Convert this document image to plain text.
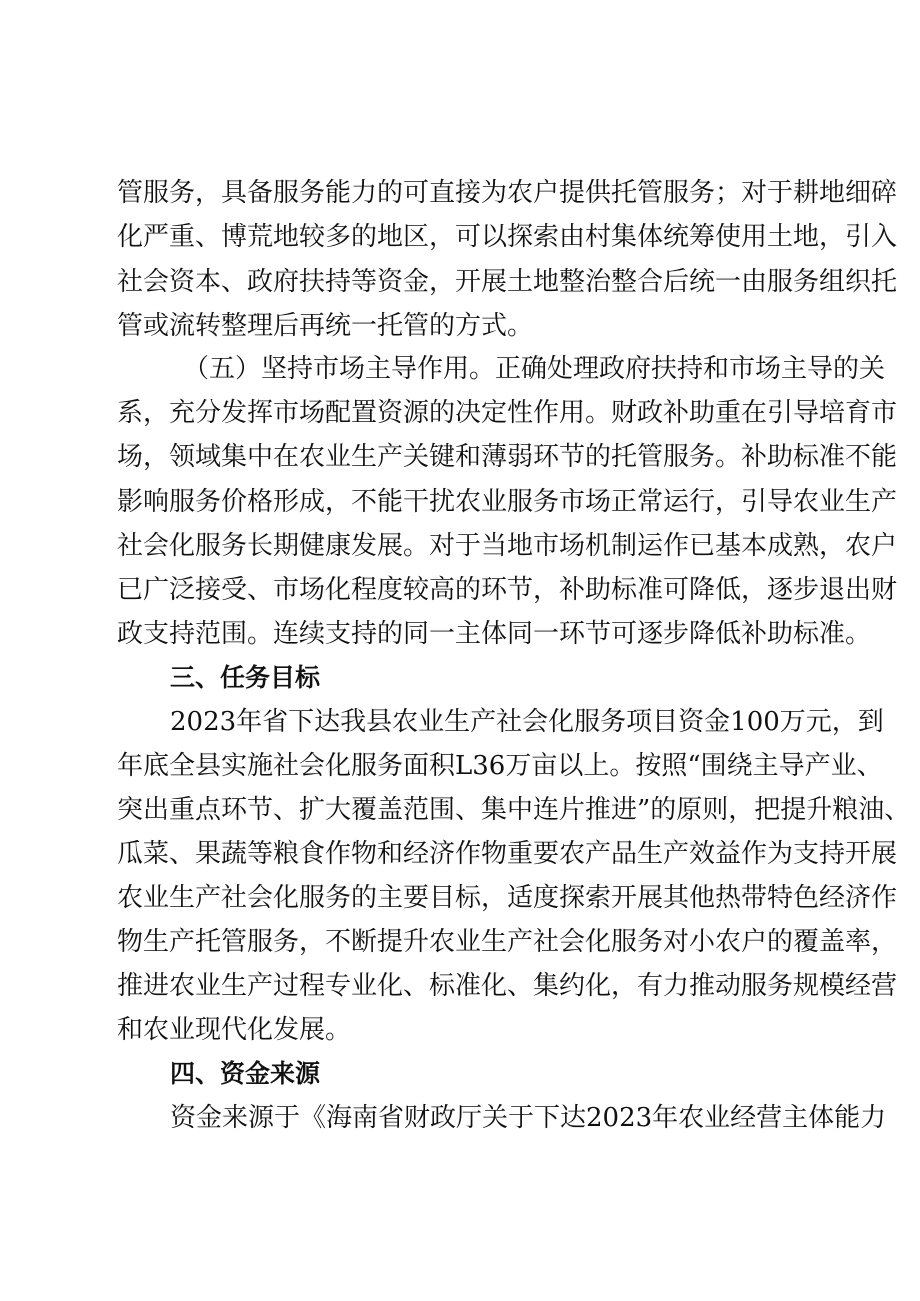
管服务，具备服务能力的可直接为农户提供托管服务；对于耕地细碎
化严重、博荒地较多的地区，可以探索由村集体统筹使用土地，引入
社会资本、政府扶持等资金，开展土地整治整合后统一由服务组织托
管或流转整理后再统一托管的方式。
（五）坚持市场主导作用。正确处理政府扶持和市场主导的关
系，充分发挥市场配置资源的决定性作用。财政补助重在引导培育市
场，领域集中在农业生产关键和薄弱环节的托管服务。补助标准不能
影响服务价格形成，不能干扰农业服务市场正常运行，引导农业生产
社会化服务长期健康发展。对于当地市场机制运作已基本成熟，农户
已广泛接受、市场化程度较高的环节，补助标准可降低，逐步退出财
政支持范围。连续支持的同一主体同一环节可逐步降低补助标准。
三、任务目标
2023年省下达我县农业生产社会化服务项目资金100万元，到
年底全县实施社会化服务面积L36万亩以上。按照“围绕主导产业、
突出重点环节、扩大覆盖范围、集中连片推进”的原则，把提升粮油、
瓜菜、果蔬等粮食作物和经济作物重要农产品生产效益作为支持开展
农业生产社会化服务的主要目标，适度探索开展其他热带特色经济作
物生产托管服务，不断提升农业生产社会化服务对小农户的覆盖率，
推进农业生产过程专业化、标准化、集约化，有力推动服务规模经营
和农业现代化发展。
四、资金来源
资金来源于《海南省财政厅关于下达2023年农业经营主体能力
